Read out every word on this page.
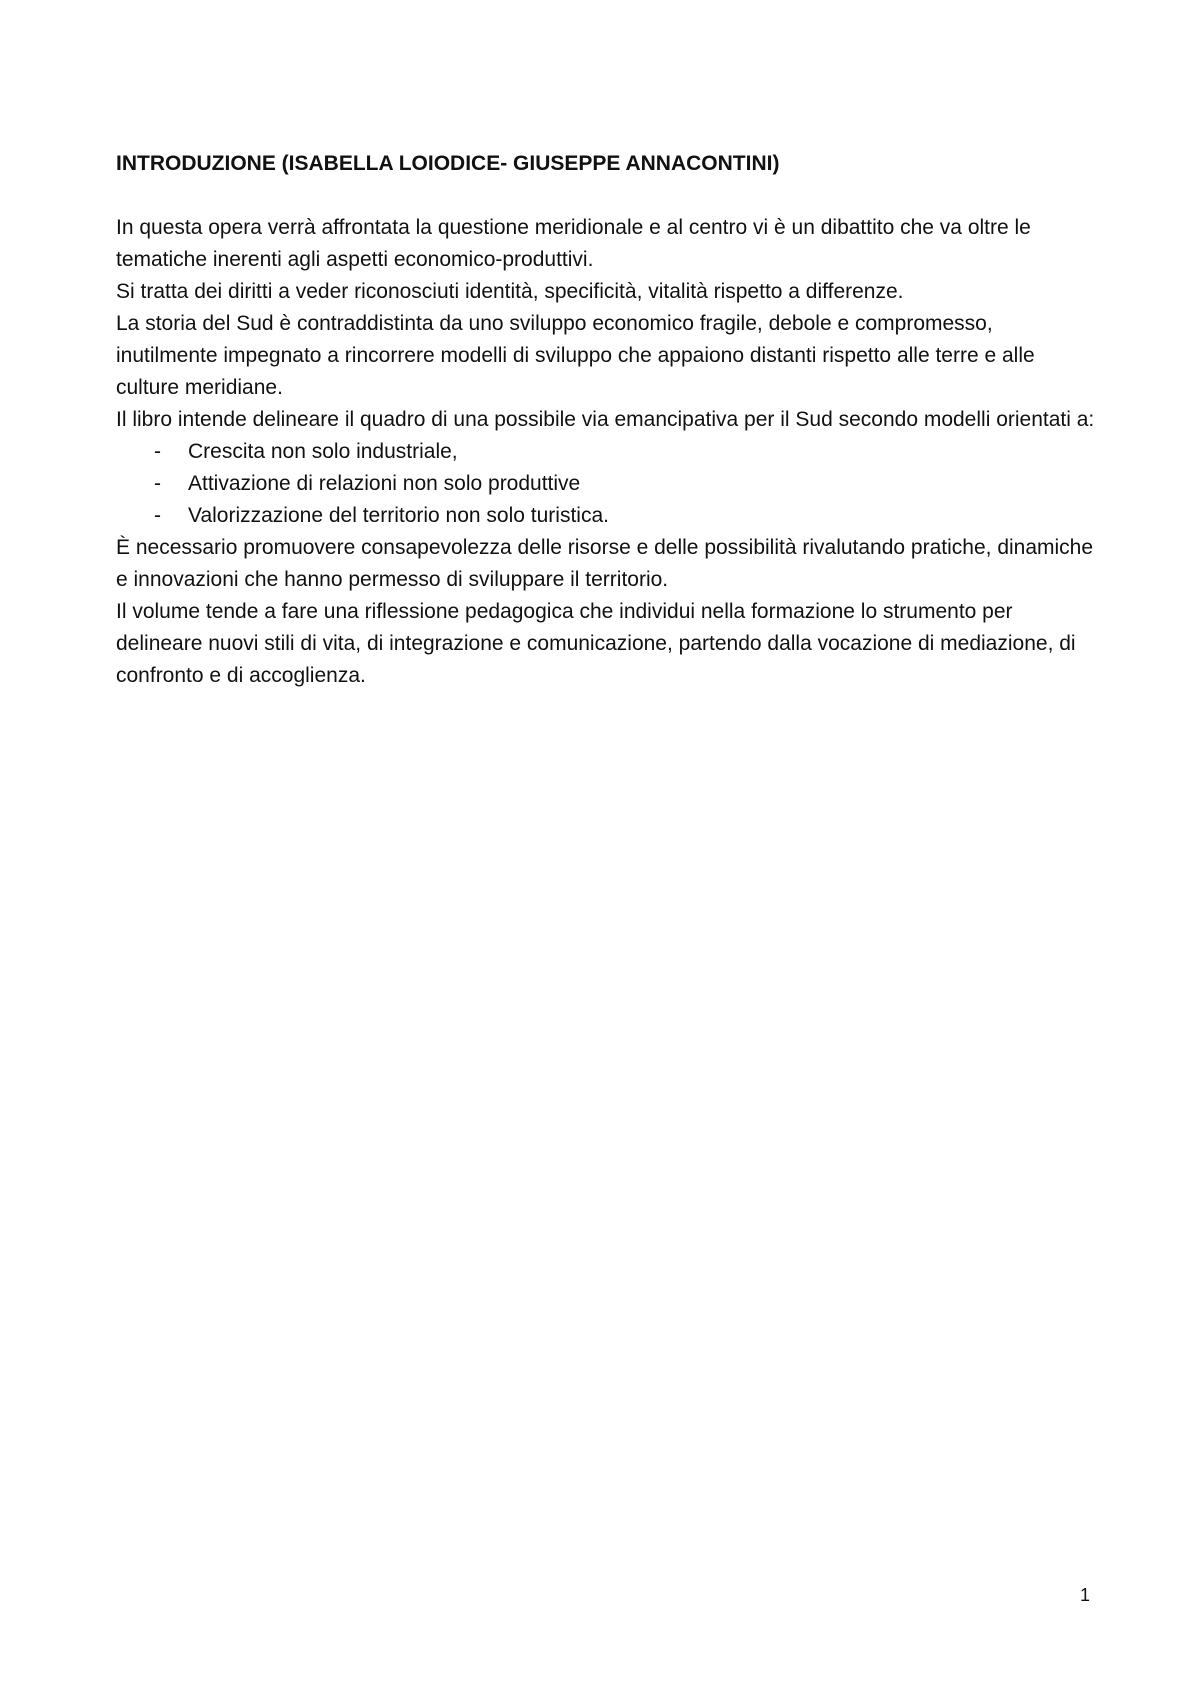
INTRODUZIONE (ISABELLA LOIODICE- GIUSEPPE ANNACONTINI)

In questa opera verrà affrontata la questione meridionale e al centro vi è un dibattito che va oltre le tematiche inerenti agli aspetti economico-produttivi.

Si tratta dei diritti a veder riconosciuti identità, specificità, vitalità rispetto a differenze.

La storia del Sud è contraddistinta da uno sviluppo economico fragile, debole e compromesso, inutilmente impegnato a rincorrere modelli di sviluppo che appaiono distanti rispetto alle terre e alle culture meridiane.

Il libro intende delineare il quadro di una possibile via emancipativa per il Sud secondo modelli orientati a:

- Crescita non solo industriale,
- Attivazione di relazioni non solo produttive
- Valorizzazione del territorio non solo turistica.

È necessario promuovere consapevolezza delle risorse e delle possibilità rivalutando pratiche, dinamiche e innovazioni che hanno permesso di sviluppare il territorio.

Il volume tende a fare una riflessione pedagogica che individui nella formazione lo strumento per delineare nuovi stili di vita, di integrazione e comunicazione, partendo dalla vocazione di mediazione, di confronto e di accoglienza.

1
